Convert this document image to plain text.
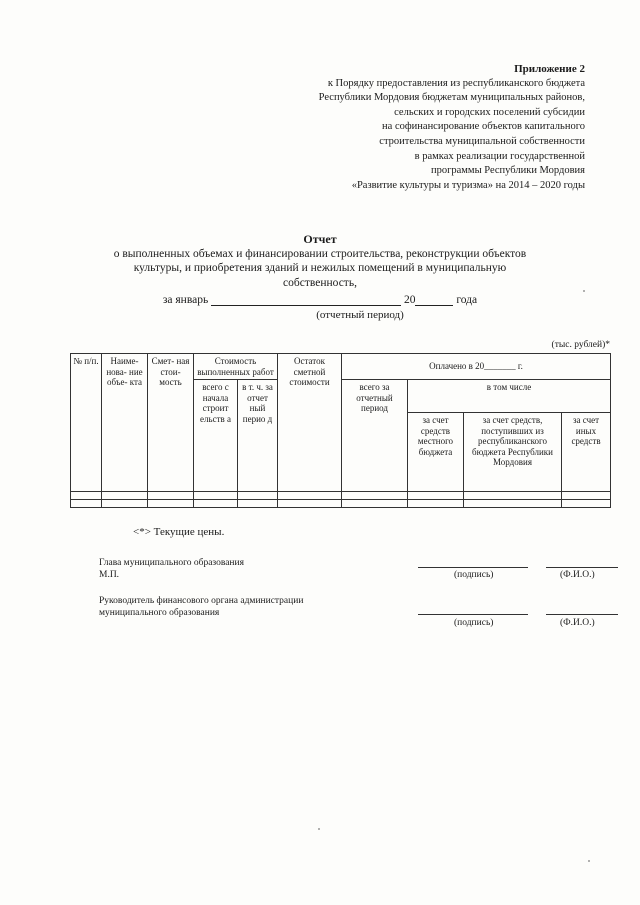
Приложение 2
к Порядку предоставления из республиканского бюджета
Республики Мордовия бюджетам муниципальных районов,
сельских и городских поселений субсидии
на софинансирование объектов капитального
строительства муниципальной собственности
в рамках реализации государственной
программы Республики Мордовия
«Развитие культуры и туризма» на 2014 – 2020 годы
Отчет
о выполненных объемах и финансировании строительства, реконструкции объектов
культуры, и приобретения зданий и нежилых помещений в муниципальную
собственность,
за январь	20	года
(отчетный период)
(тыс. рублей)*
№ п/п.	Наиме- нова- ние объе- кта	Смет- ная стои- мость	Стоимость выполненных работ		Остаток сметной стоимости	Оплачено в 20_______ г.			
			всего с начала строит ельств а	в т. ч. за отчет ный перио д		всего за отчетный период	в том числе		
							за счет средств местного бюджета	за счет средств, поступивших из республиканского бюджета Республики Мордовия	за счет иных средств

<*> Текущие цены.
Глава муниципального образования
М.П.	(подпись)	(Ф.И.О.)
Руководитель финансового органа администрации
муниципального образования
(подпись)	(Ф.И.О.)
